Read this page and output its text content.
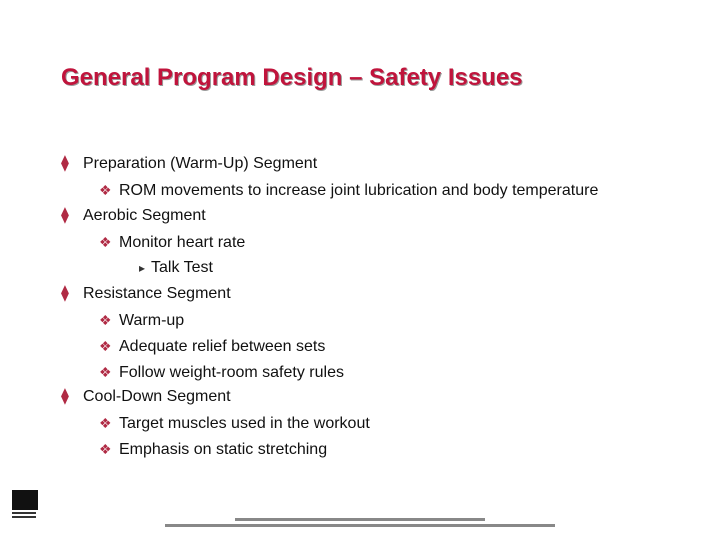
General Program Design – Safety Issues
⧫ Preparation (Warm-Up) Segment
❖ ROM movements to increase joint lubrication and body temperature
⧫ Aerobic Segment
❖ Monitor heart rate
▸ Talk Test
⧫ Resistance Segment
❖ Warm-up
❖ Adequate relief between sets
❖ Follow weight-room safety rules
⧫ Cool-Down Segment
❖ Target muscles used in the workout
❖ Emphasis on static stretching
